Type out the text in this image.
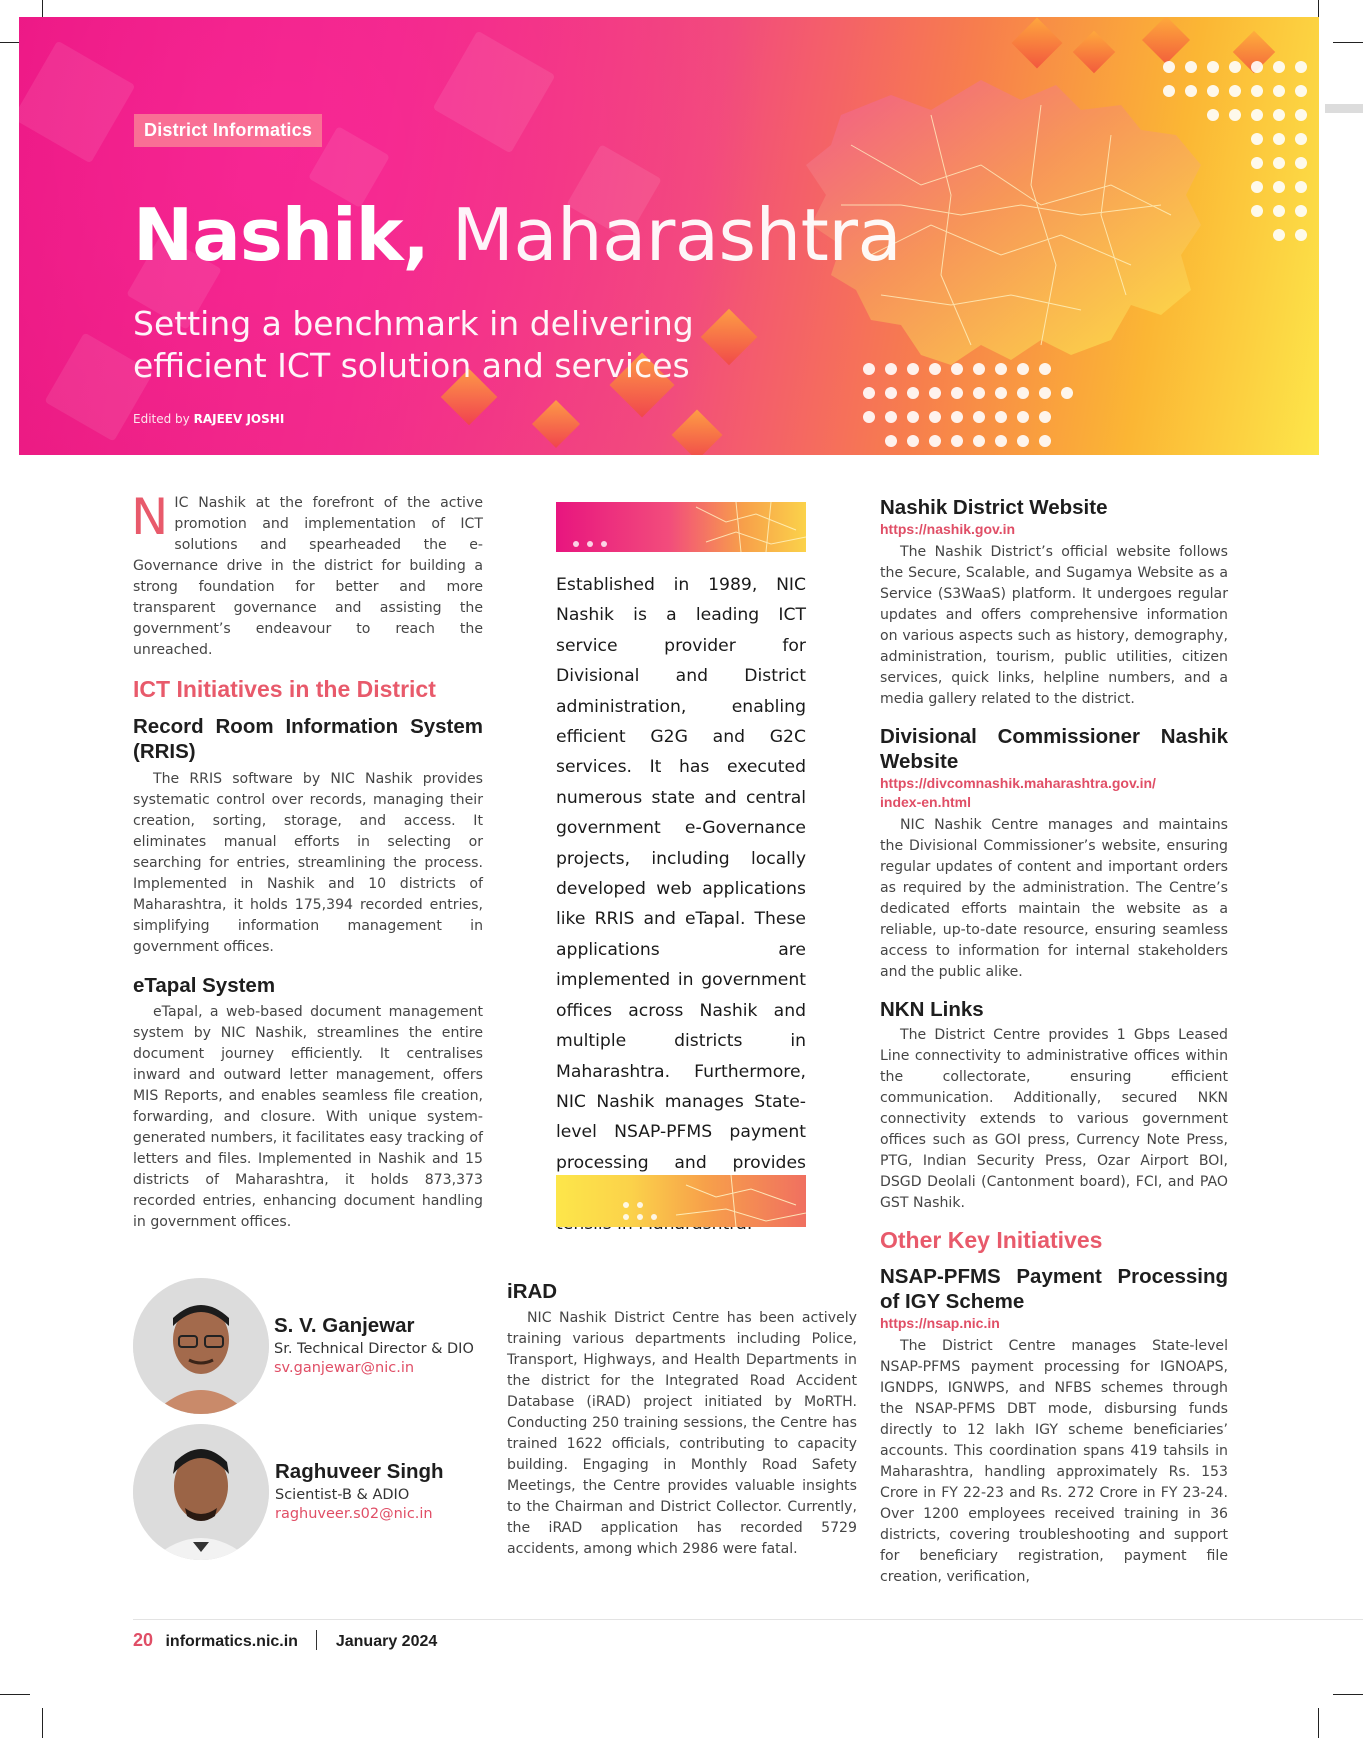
District Informatics
Nashik, Maharashtra
Setting a benchmark in delivering
efficient ICT solution and services
Edited by RAJEEV JOSHI

NIC Nashik at the forefront of the active promotion and implementation of ICT solutions and spearheaded the e-Governance drive in the district for building a strong foundation for better and more transparent governance and assisting the government’s endeavour to reach the unreached.

ICT Initiatives in the District
Record Room Information System (RRIS)

The RRIS software by NIC Nashik provides systematic control over records, managing their creation, sorting, storage, and access. It eliminates manual efforts in selecting or searching for entries, streamlining the process. Implemented in Nashik and 10 districts of Maharashtra, it holds 175,394 recorded entries, simplifying information management in government offices.

eTapal System

eTapal, a web-based document management system by NIC Nashik, streamlines the entire document journey efficiently. It centralises inward and outward letter management, offers MIS Reports, and enables seamless file creation, forwarding, and closure. With unique system-generated numbers, it facilitates easy tracking of letters and files. Implemented in Nashik and 15 districts of Maharashtra, it holds 873,373 recorded entries, enhancing document handling in government offices.

Established in 1989, NIC Nashik is a leading ICT service provider for Divisional and District administration, enabling efficient G2G and G2C services. It has executed numerous state and central government e-Governance projects, including locally developed web applications like RRIS and eTapal. These applications are implemented in government offices across Nashik and multiple districts in Maharashtra. Furthermore, NIC Nashik manages State-level NSAP-PFMS payment processing and provides
iRAD

NIC Nashik District Centre has been actively training various departments including Police, Transport, Highways, and Health Departments in the district for the Integrated Road Accident Database (iRAD) project initiated by MoRTH. Conducting 250 training sessions, the Centre has trained 1622 officials, contributing to capacity building. Engaging in Monthly Road Safety Meetings, the Centre provides valuable insights to the Chairman and District Collector. Currently, the iRAD application has recorded 5729 accidents, among which 2986 were fatal.

Nashik District Website
https://nashik.gov.in

The Nashik District’s official website follows the Secure, Scalable, and Sugamya Website as a Service (S3WaaS) platform. It undergoes regular updates and offers comprehensive information on various aspects such as history, demography, administration, tourism, public utilities, citizen services, quick links, helpline numbers, and a media gallery related to the district.

Divisional Commissioner Nashik Website
https://divcomnashik.maharashtra.gov.in/
index-en.html

NIC Nashik Centre manages and maintains the Divisional Commissioner’s website, ensuring regular updates of content and important orders as required by the administration. The Centre’s dedicated efforts maintain the website as a reliable, up-to-date resource, ensuring seamless access to information for internal stakeholders and the public alike.

NKN Links

The District Centre provides 1 Gbps Leased Line connectivity to administrative offices within the collectorate, ensuring efficient communication. Additionally, secured NKN connectivity extends to various government offices such as GOI press, Currency Note Press, PTG, Indian Security Press, Ozar Airport BOI, DSGD Deolali (Cantonment board), FCI, and PAO GST Nashik.

Other Key Initiatives
NSAP-PFMS Payment Processing of IGY Scheme
https://nsap.nic.in

The District Centre manages State-level NSAP-PFMS payment processing for IGNOAPS, IGNDPS, IGNWPS, and NFBS schemes through the NSAP-PFMS DBT mode, disbursing funds directly to 12 lakh IGY scheme beneficiaries’ accounts. This coordination spans 419 tahsils in Maharashtra, handling approximately Rs. 153 Crore in FY 22-23 and Rs. 272 Crore in FY 23-24. Over 1200 employees received training in 36 districts, covering troubleshooting and support for beneficiary registration, payment file creation, verification,

S. V. Ganjewar
Sr. Technical Director & DIO
sv.ganjewar@nic.in
Raghuveer Singh
Scientist-B & ADIO
raghuveer.s02@nic.in
20 informatics.nic.in January 2024
